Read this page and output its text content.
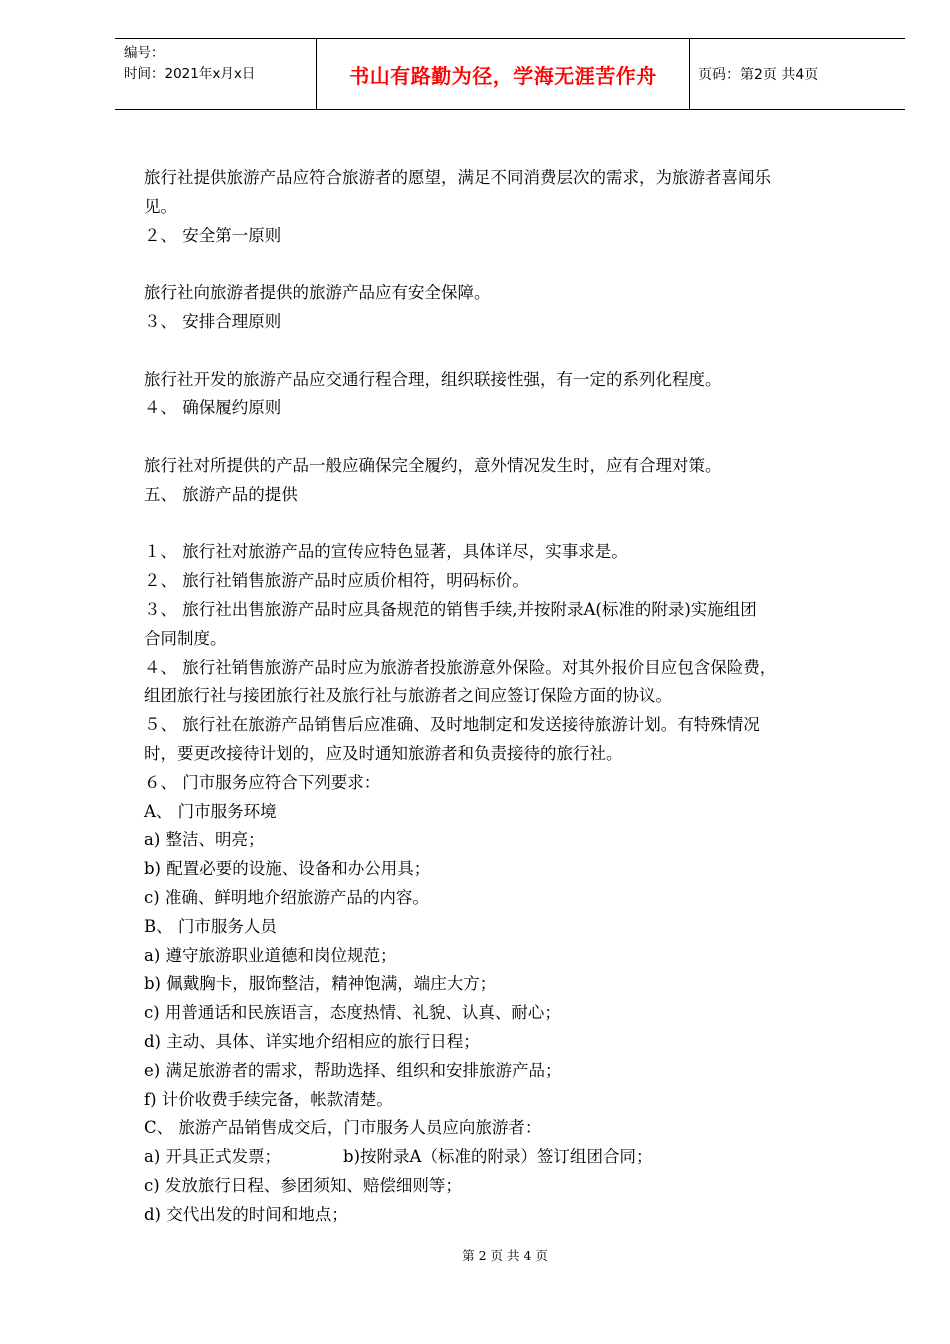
编号：
时间：2021年x月x日	书山有路勤为径，学海无涯苦作舟	页码：第2页 共4页
旅行社提供旅游产品应符合旅游者的愿望，满足不同消费层次的需求，为旅游者喜闻乐
见。
２、 安全第一原则
旅行社向旅游者提供的旅游产品应有安全保障。
３、 安排合理原则
旅行社开发的旅游产品应交通行程合理，组织联接性强，有一定的系列化程度。
４、 确保履约原则
旅行社对所提供的产品一般应确保完全履约，意外情况发生时，应有合理对策。
五、 旅游产品的提供
１、 旅行社对旅游产品的宣传应特色显著，具体详尽，实事求是。
２、 旅行社销售旅游产品时应质价相符，明码标价。
３、 旅行社出售旅游产品时应具备规范的销售手续,并按附录A(标准的附录)实施组团
合同制度。
４、 旅行社销售旅游产品时应为旅游者投旅游意外保险。对其外报价目应包含保险费，
组团旅行社与接团旅行社及旅行社与旅游者之间应签订保险方面的协议。
５、 旅行社在旅游产品销售后应准确、及时地制定和发送接待旅游计划。有特殊情况
时，要更改接待计划的，应及时通知旅游者和负责接待的旅行社。
６、 门市服务应符合下列要求：
A、 门市服务环境
a) 整洁、明亮；
b) 配置必要的设施、设备和办公用具；
c) 准确、鲜明地介绍旅游产品的内容。
B、 门市服务人员
a) 遵守旅游职业道德和岗位规范；
b) 佩戴胸卡，服饰整洁，精神饱满，端庄大方；
c) 用普通话和民族语言，态度热情、礼貌、认真、耐心；
d) 主动、具体、详实地介绍相应的旅行日程；
e) 满足旅游者的需求，帮助选择、组织和安排旅游产品；
f) 计价收费手续完备，帐款清楚。
C、 旅游产品销售成交后，门市服务人员应向旅游者：
a) 开具正式发票；	b)按附录A（标准的附录）签订组团合同；
c) 发放旅行日程、参团须知、赔偿细则等；
d) 交代出发的时间和地点；
第 2 页 共 4 页
